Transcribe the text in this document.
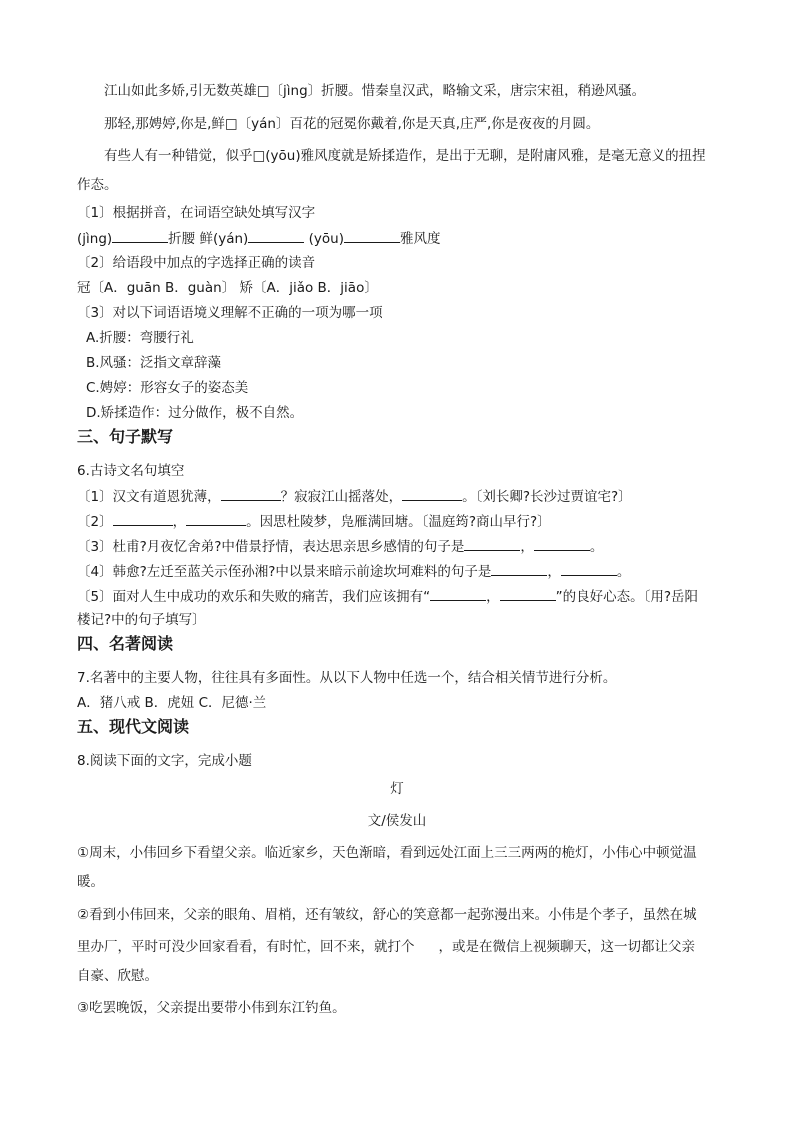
江山如此多娇,引无数英雄□〔jìng〕折腰。惜秦皇汉武，略输文采，唐宗宋祖，稍逊风骚。
那轻,那娉婷,你是,鲜□〔yán〕百花的冠冕你戴着,你是天真,庄严,你是夜夜的月圆。
有些人有一种错觉，似乎□(yōu)雅风度就是矫揉造作，是出于无聊，是附庸风雅，是毫无意义的扭捏
作态。
〔1〕根据拼音，在词语空缺处填写汉字
(jìng)	折腰 鲜(yán)	(yōu)	雅风度
〔2〕给语段中加点的字选择正确的读音
冠〔A．guān B．guàn〕 矫〔A．jiǎo B．jiāo〕
〔3〕对以下词语语境义理解不正确的一项为哪一项
A.折腰：弯腰行礼
B.风骚：泛指文章辞藻
C.娉婷：形容女子的姿态美
D.矫揉造作：过分做作，极不自然。
三、句子默写
6.古诗文名句填空
〔1〕汉文有道恩犹薄，	？寂寂江山摇落处，	。〔刘长卿?长沙过贾谊宅?〕
〔2〕	，	。因思杜陵梦，凫雁满回塘。〔温庭筠?商山早行?〕
〔3〕杜甫?月夜忆舍弟?中借景抒情，表达思亲思乡感情的句子是	，	。
〔4〕韩愈?左迁至蓝关示侄孙湘?中以景来暗示前途坎坷难料的句子是	，	。
〔5〕面对人生中成功的欢乐和失败的痛苦，我们应该拥有“	，	”的良好心态。〔用?岳阳
楼记?中的句子填写〕
四、名著阅读
7.名著中的主要人物，往往具有多面性。从以下人物中任选一个，结合相关情节进行分析。
A．猪八戒 B．虎妞 C．尼德·兰
五、现代文阅读
8.阅读下面的文字，完成小题
灯
文/侯发山
①周末，小伟回乡下看望父亲。临近家乡，天色渐暗，看到远处江面上三三两两的桅灯，小伟心中顿觉温
暖。
②看到小伟回来，父亲的眼角、眉梢，还有皱纹，舒心的笑意都一起弥漫出来。小伟是个孝子，虽然在城
里办厂，平时可没少回家看看，有时忙，回不来，就打个 ，或是在微信上视频聊天，这一切都让父亲
自豪、欣慰。
③吃罢晚饭，父亲提出要带小伟到东江钓鱼。
